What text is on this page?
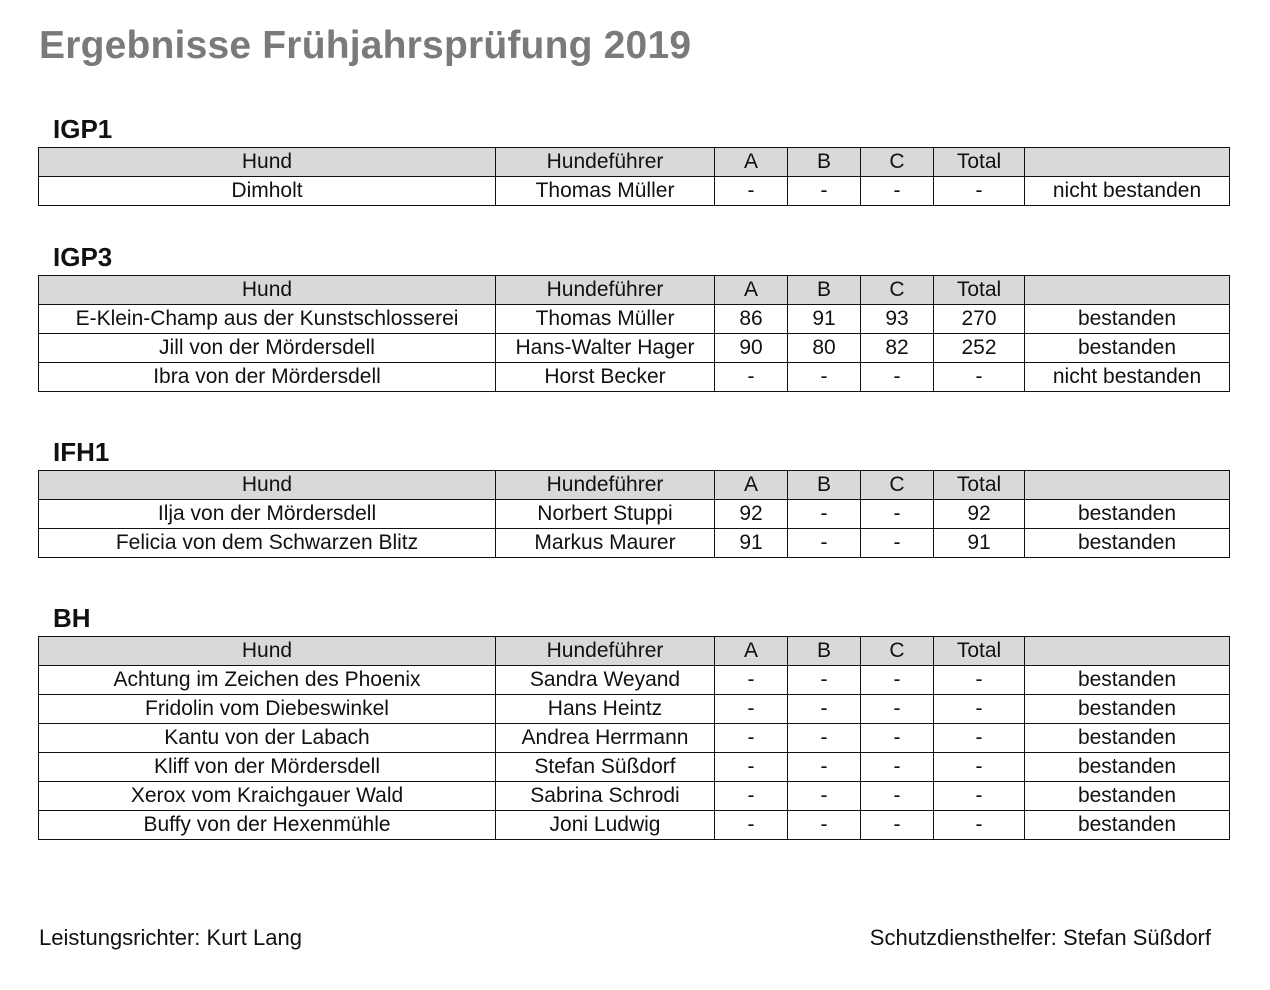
Ergebnisse Frühjahrsprüfung 2019
IGP1
Hund	Hundeführer	A	B	C	Total	
Dimholt	Thomas Müller	-	-	-	-	nicht bestanden
IGP3
Hund	Hundeführer	A	B	C	Total	
E-Klein-Champ aus der Kunstschlosserei	Thomas Müller	86	91	93	270	bestanden
Jill von der Mördersdell	Hans-Walter Hager	90	80	82	252	bestanden
Ibra von der Mördersdell	Horst Becker	-	-	-	-	nicht bestanden
IFH1
Hund	Hundeführer	A	B	C	Total	
Ilja von der Mördersdell	Norbert Stuppi	92	-	-	92	bestanden
Felicia von dem Schwarzen Blitz	Markus Maurer	91	-	-	91	bestanden
BH
Hund	Hundeführer	A	B	C	Total	
Achtung im Zeichen des Phoenix	Sandra Weyand	-	-	-	-	bestanden
Fridolin vom Diebeswinkel	Hans Heintz	-	-	-	-	bestanden
Kantu von der Labach	Andrea Herrmann	-	-	-	-	bestanden
Kliff von der Mördersdell	Stefan Süßdorf	-	-	-	-	bestanden
Xerox vom Kraichgauer Wald	Sabrina Schrodi	-	-	-	-	bestanden
Buffy von der Hexenmühle	Joni Ludwig	-	-	-	-	bestanden

Leistungsrichter: Kurt Lang	Schutzdiensthelfer: Stefan Süßdorf
